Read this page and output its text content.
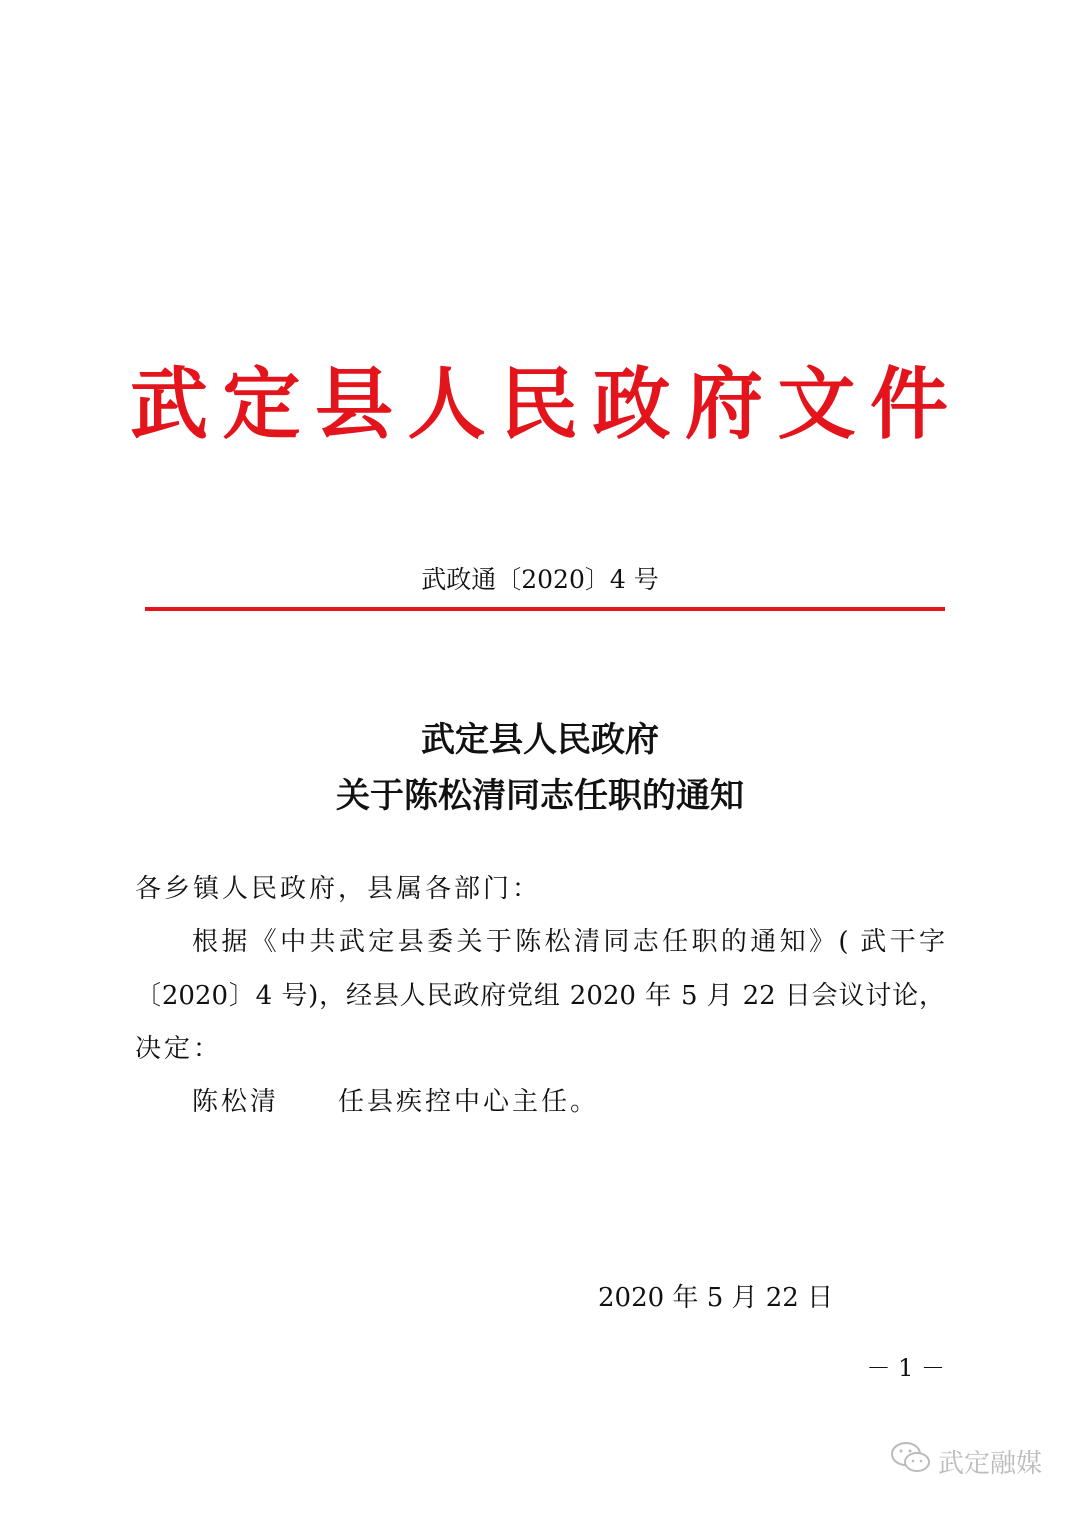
武定县人民政府文件
武政通〔2020〕4 号
武定县人民政府
关于陈松清同志任职的通知
各乡镇人民政府，县属各部门：
根据《中共武定县委关于陈松清同志任职的通知》( 武干字
〔2020〕4 号)，经县人民政府党组 2020 年 5 月 22 日会议讨论，
决定：
陈松清 任县疾控中心主任。
2020 年 5 月 22 日
－ 1 －
武定融媒
